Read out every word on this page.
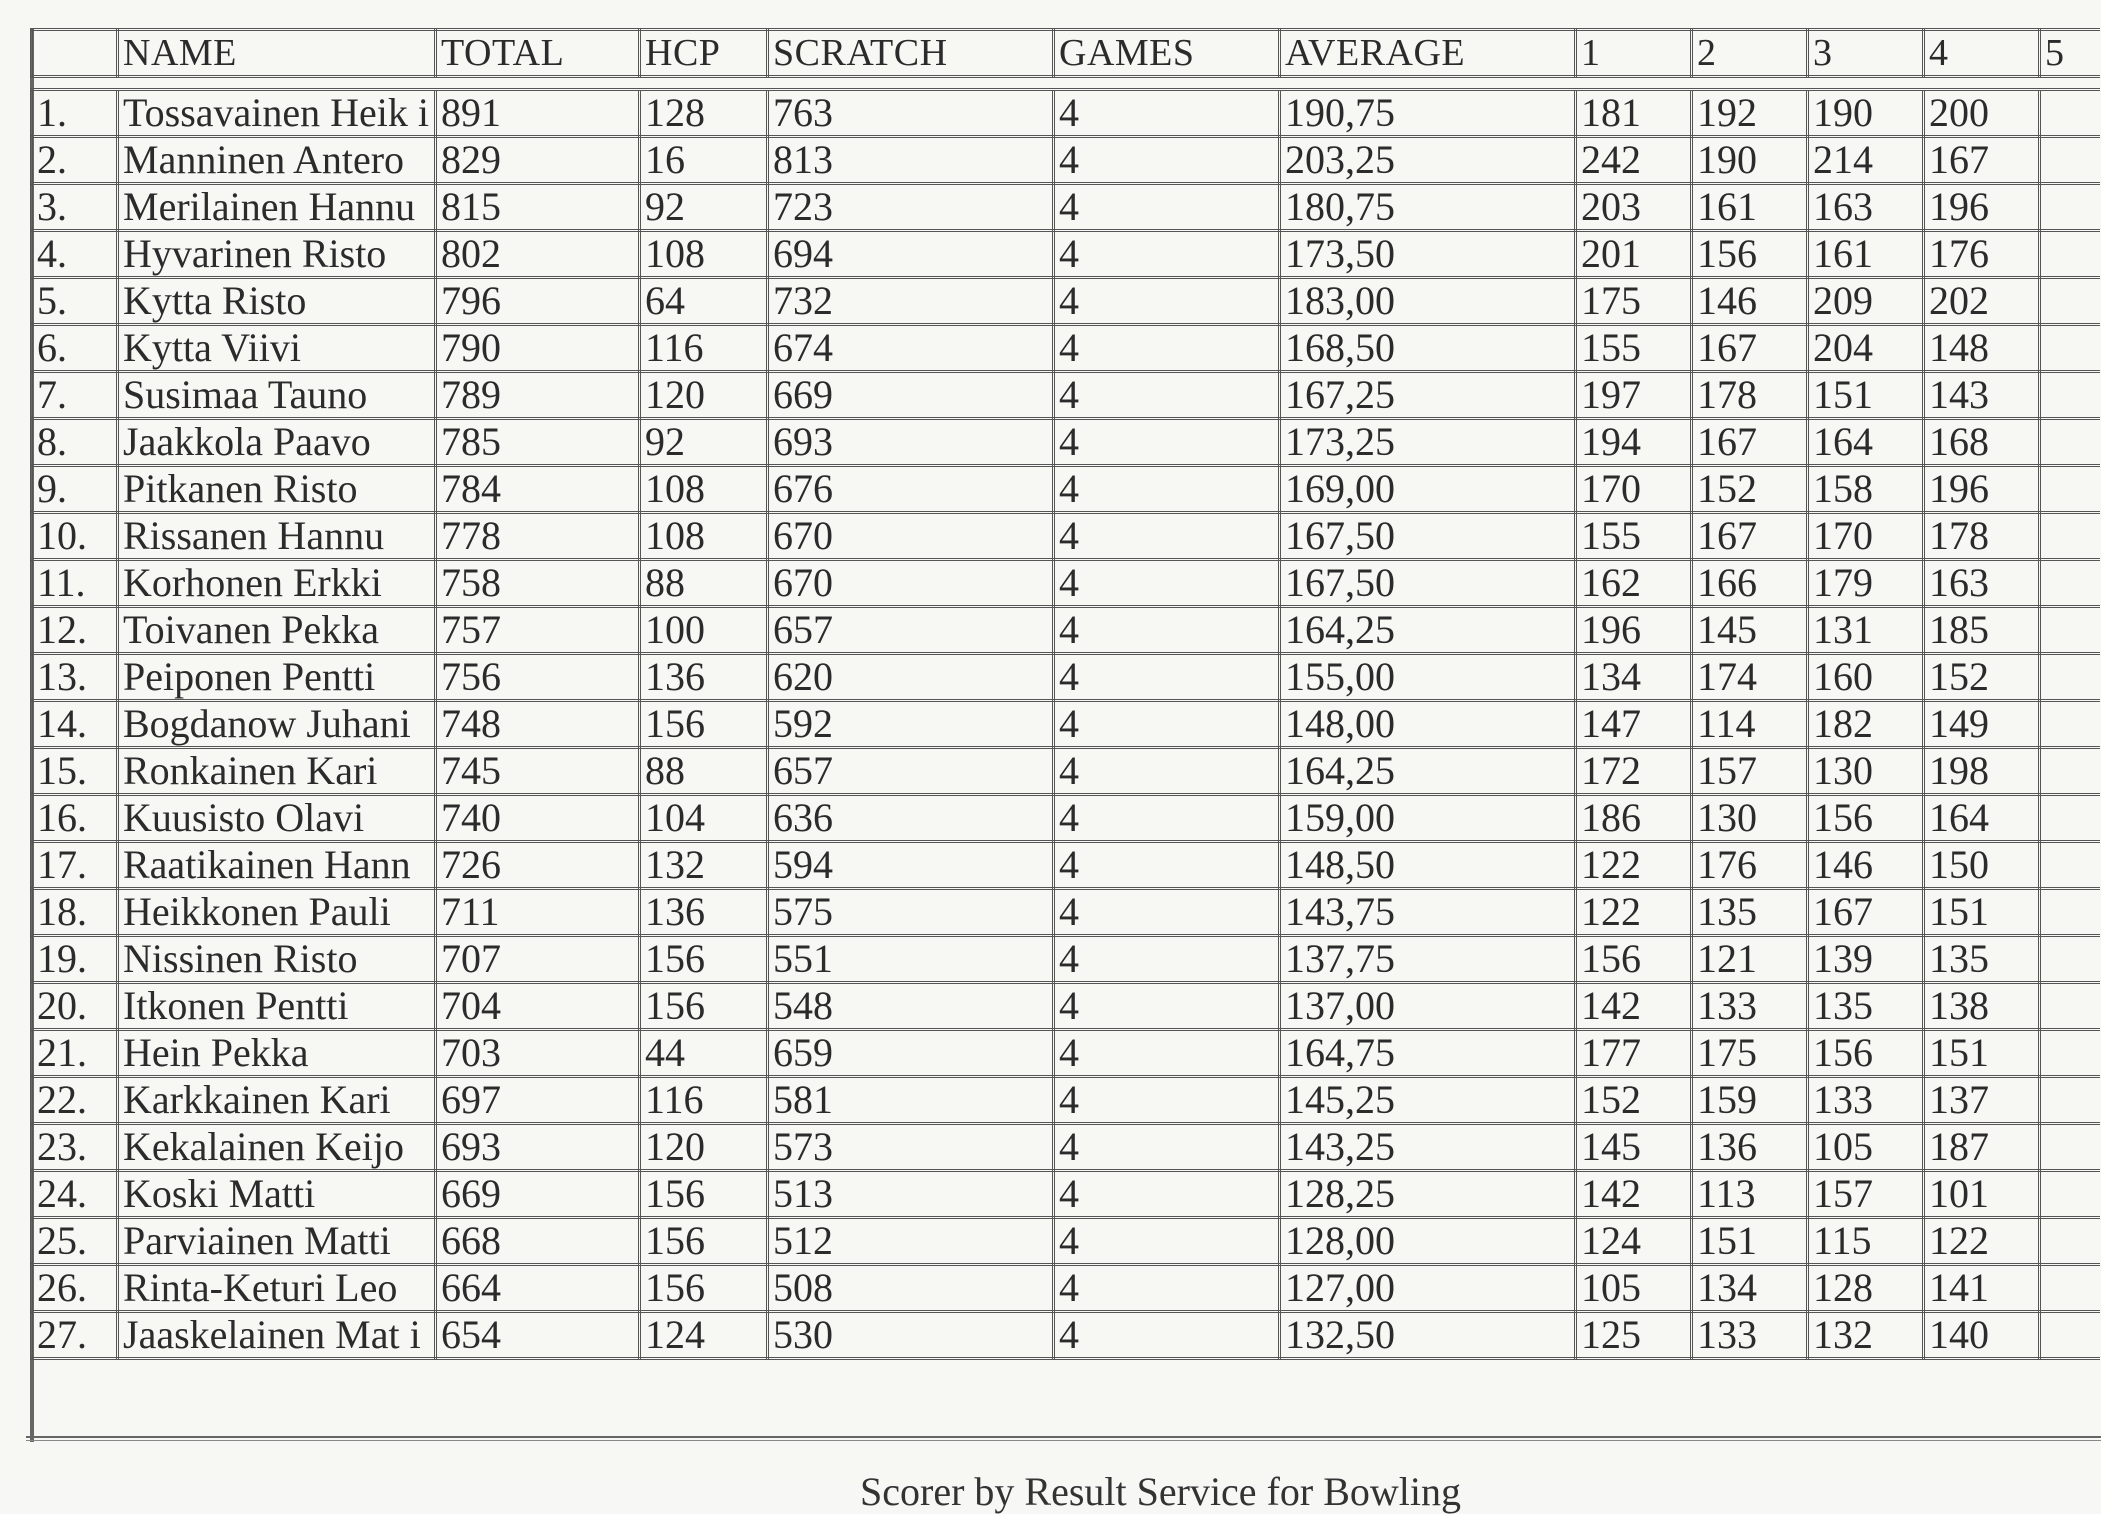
	NAME	TOTAL	HCP	SCRATCH	GAMES	AVERAGE	1	2	3	4	5

1.	Tossavainen Heik i	891	128	763	4	190,75	181	192	190	200	
2.	Manninen Antero	829	16	813	4	203,25	242	190	214	167	
3.	Merilainen Hannu	815	92	723	4	180,75	203	161	163	196	
4.	Hyvarinen Risto	802	108	694	4	173,50	201	156	161	176	
5.	Kytta Risto	796	64	732	4	183,00	175	146	209	202	
6.	Kytta Viivi	790	116	674	4	168,50	155	167	204	148	
7.	Susimaa Tauno	789	120	669	4	167,25	197	178	151	143	
8.	Jaakkola Paavo	785	92	693	4	173,25	194	167	164	168	
9.	Pitkanen Risto	784	108	676	4	169,00	170	152	158	196	
10.	Rissanen Hannu	778	108	670	4	167,50	155	167	170	178	
11.	Korhonen Erkki	758	88	670	4	167,50	162	166	179	163	
12.	Toivanen Pekka	757	100	657	4	164,25	196	145	131	185	
13.	Peiponen Pentti	756	136	620	4	155,00	134	174	160	152	
14.	Bogdanow Juhani	748	156	592	4	148,00	147	114	182	149	
15.	Ronkainen Kari	745	88	657	4	164,25	172	157	130	198	
16.	Kuusisto Olavi	740	104	636	4	159,00	186	130	156	164	
17.	Raatikainen Hann	726	132	594	4	148,50	122	176	146	150	
18.	Heikkonen Pauli	711	136	575	4	143,75	122	135	167	151	
19.	Nissinen Risto	707	156	551	4	137,75	156	121	139	135	
20.	Itkonen Pentti	704	156	548	4	137,00	142	133	135	138	
21.	Hein Pekka	703	44	659	4	164,75	177	175	156	151	
22.	Karkkainen Kari	697	116	581	4	145,25	152	159	133	137	
23.	Kekalainen Keijo	693	120	573	4	143,25	145	136	105	187	
24.	Koski Matti	669	156	513	4	128,25	142	113	157	101	
25.	Parviainen Matti	668	156	512	4	128,00	124	151	115	122	
26.	Rinta-Keturi Leo	664	156	508	4	127,00	105	134	128	141	
27.	Jaaskelainen Mat i	654	124	530	4	132,50	125	133	132	140	
Scorer by Result Service for Bowling
